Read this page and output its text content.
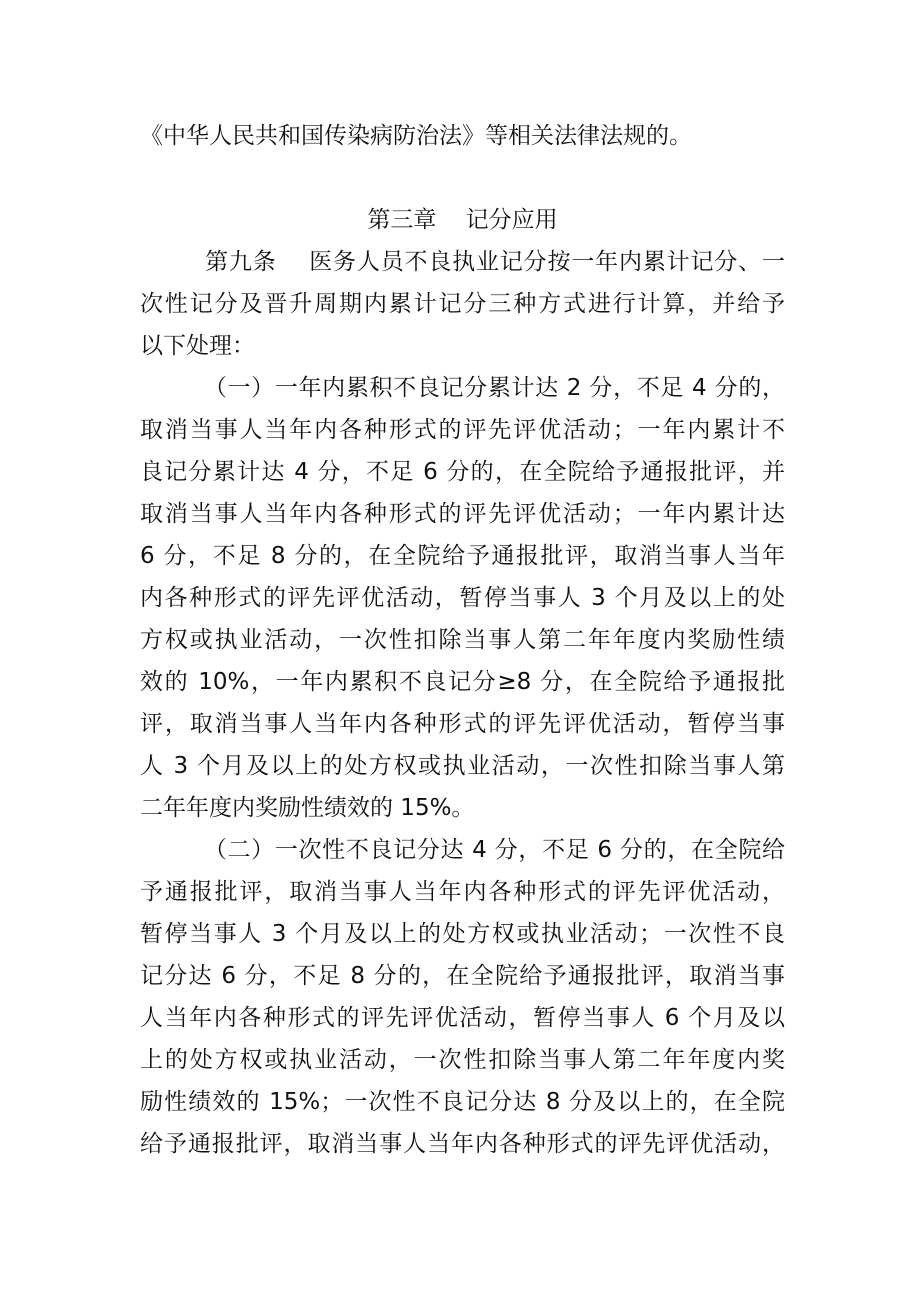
《中华人民共和国传染病防治法》等相关法律法规的。
第三章    记分应用
第九条    医务人员不良执业记分按一年内累计记分、一
次性记分及晋升周期内累计记分三种方式进行计算，并给予
以下处理：
（一）一年内累积不良记分累计达 2 分，不足 4 分的，
取消当事人当年内各种形式的评先评优活动；一年内累计不
良记分累计达 4 分，不足 6 分的，在全院给予通报批评，并
取消当事人当年内各种形式的评先评优活动；一年内累计达
6 分，不足 8 分的，在全院给予通报批评，取消当事人当年
内各种形式的评先评优活动，暂停当事人 3 个月及以上的处
方权或执业活动，一次性扣除当事人第二年年度内奖励性绩
效的 10%，一年内累积不良记分≥8 分，在全院给予通报批
评，取消当事人当年内各种形式的评先评优活动，暂停当事
人 3 个月及以上的处方权或执业活动，一次性扣除当事人第
二年年度内奖励性绩效的 15%。
（二）一次性不良记分达 4 分，不足 6 分的，在全院给
予通报批评，取消当事人当年内各种形式的评先评优活动，
暂停当事人 3 个月及以上的处方权或执业活动；一次性不良
记分达 6 分，不足 8 分的，在全院给予通报批评，取消当事
人当年内各种形式的评先评优活动，暂停当事人 6 个月及以
上的处方权或执业活动，一次性扣除当事人第二年年度内奖
励性绩效的 15%；一次性不良记分达 8 分及以上的，在全院
给予通报批评，取消当事人当年内各种形式的评先评优活动，
